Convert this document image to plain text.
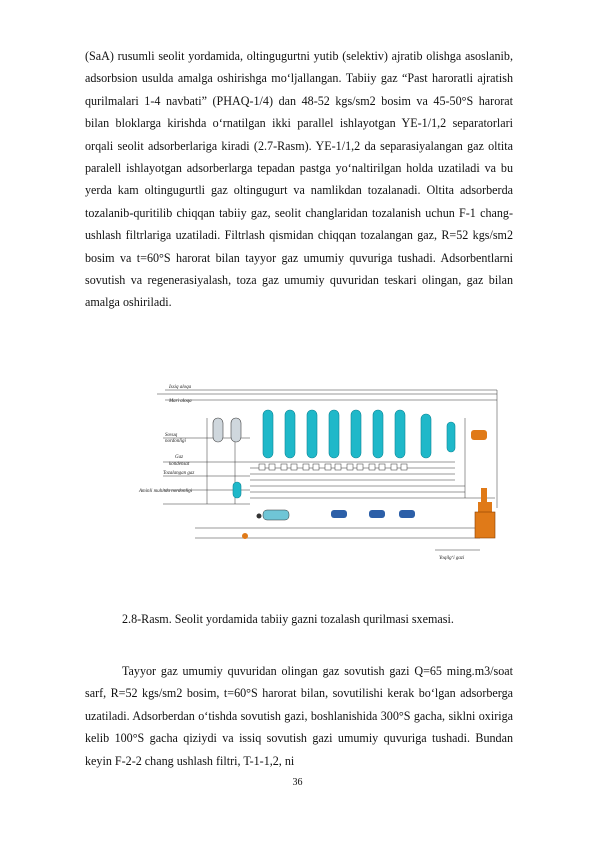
(SaA) rusumli seolit yordamida, oltingugurtni yutib (selektiv) ajratib olishga asoslanib, adsorbsion usulda amalga oshirishga mo‘ljallangan. Tabiiy gaz “Past haroratli ajratish qurilmalari 1-4 navbati” (PHAQ-1/4) dan 48-52 kgs/sm2 bosim va 45-50°S harorat bilan bloklarga kirishda o‘rnatilgan ikki parallel ishlayotgan YE-1/1,2 separatorlari orqali seolit adsorberlariga kiradi (2.7-Rasm). YE-1/1,2 da separasiyalangan gaz oltita paralell ishlayotgan adsorberlarga tepadan pastga yo‘naltirilgan holda uzatiladi va bu yerda kam oltingugurtli gaz oltingugurt va namlikdan tozalanadi. Oltita adsorberda tozalanib-quritilib chiqqan tabiiy gaz, seolit changlaridan tozalanish uchun F-1 chang-ushlash filtrlariga uzatiladi. Filtrlash qismidan chiqqan tozalangan gaz, R=52 kgs/sm2 bosim va t=60°S harorat bilan tayyor gaz umumiy quvuriga tushadi. Adsorbentlarni sovutish va regenerasiyalash, toza gaz umumiy quvuridan teskari olingan, gaz bilan amalga oshiriladi.

Issiq aloqa
Mari aloqa
Sovuq
nordonligi
Gaz
kondensat
Tozalangan gaz
Aminli muhitda nordonligi
Yoqilg‘i gazi

2.8-Rasm. Seolit yordamida tabiiy gazni tozalash qurilmasi sxemasi.

Tayyor gaz umumiy quvuridan olingan gaz sovutish gazi Q=65 ming.m3/soat sarf, R=52 kgs/sm2 bosim, t=60°S harorat bilan, sovutilishi kerak bo‘lgan adsorberga uzatiladi. Adsorberdan o‘tishda sovutish gazi, boshlanishida 300°S gacha, siklni oxiriga kelib 100°S gacha qiziydi va issiq sovutish gazi umumiy quvuriga tushadi. Bundan keyin F-2-2 chang ushlash filtri, T-1-1,2, ni

36
